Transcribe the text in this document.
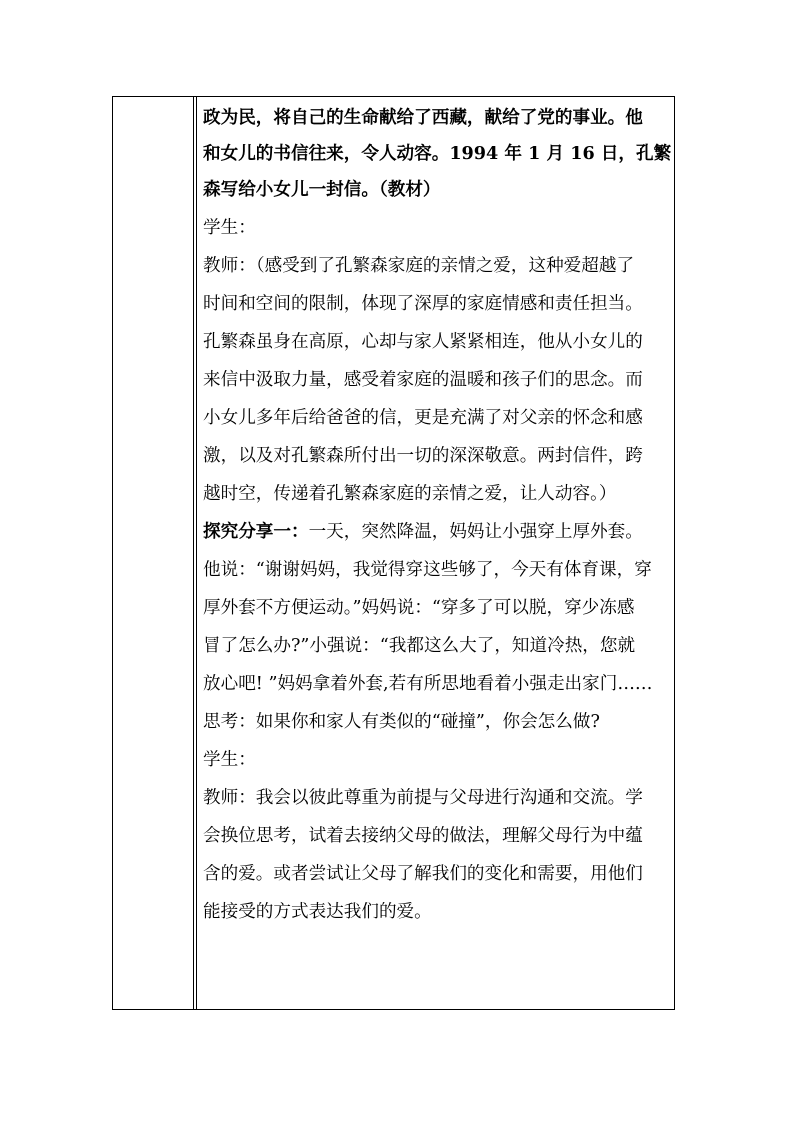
政为民，将自己的生命献给了西藏，献给了党的事业。他
和女儿的书信往来，令人动容。1994 年 1 月 16 日，孔繁
森写给小女儿一封信。（教材）
学生：
教师：（感受到了孔繁森家庭的亲情之爱，这种爱超越了
时间和空间的限制，体现了深厚的家庭情感和责任担当。
孔繁森虽身在高原，心却与家人紧紧相连，他从小女儿的
来信中汲取力量，感受着家庭的温暖和孩子们的思念。而
小女儿多年后给爸爸的信，更是充满了对父亲的怀念和感
激，以及对孔繁森所付出一切的深深敬意。两封信件，跨
越时空，传递着孔繁森家庭的亲情之爱，让人动容。）
探究分享一：一天，突然降温，妈妈让小强穿上厚外套。
他说：“谢谢妈妈，我觉得穿这些够了，今天有体育课，穿
厚外套不方便运动。”妈妈说：“穿多了可以脱，穿少冻感
冒了怎么办?”小强说：“我都这么大了，知道冷热，您就
放心吧! ”妈妈拿着外套,若有所思地看着小强走出家门……
思考：如果你和家人有类似的“碰撞”，你会怎么做?
学生：
教师：我会以彼此尊重为前提与父母进行沟通和交流。学
会换位思考，试着去接纳父母的做法，理解父母行为中蕴
含的爱。或者尝试让父母了解我们的变化和需要，用他们
能接受的方式表达我们的爱。
